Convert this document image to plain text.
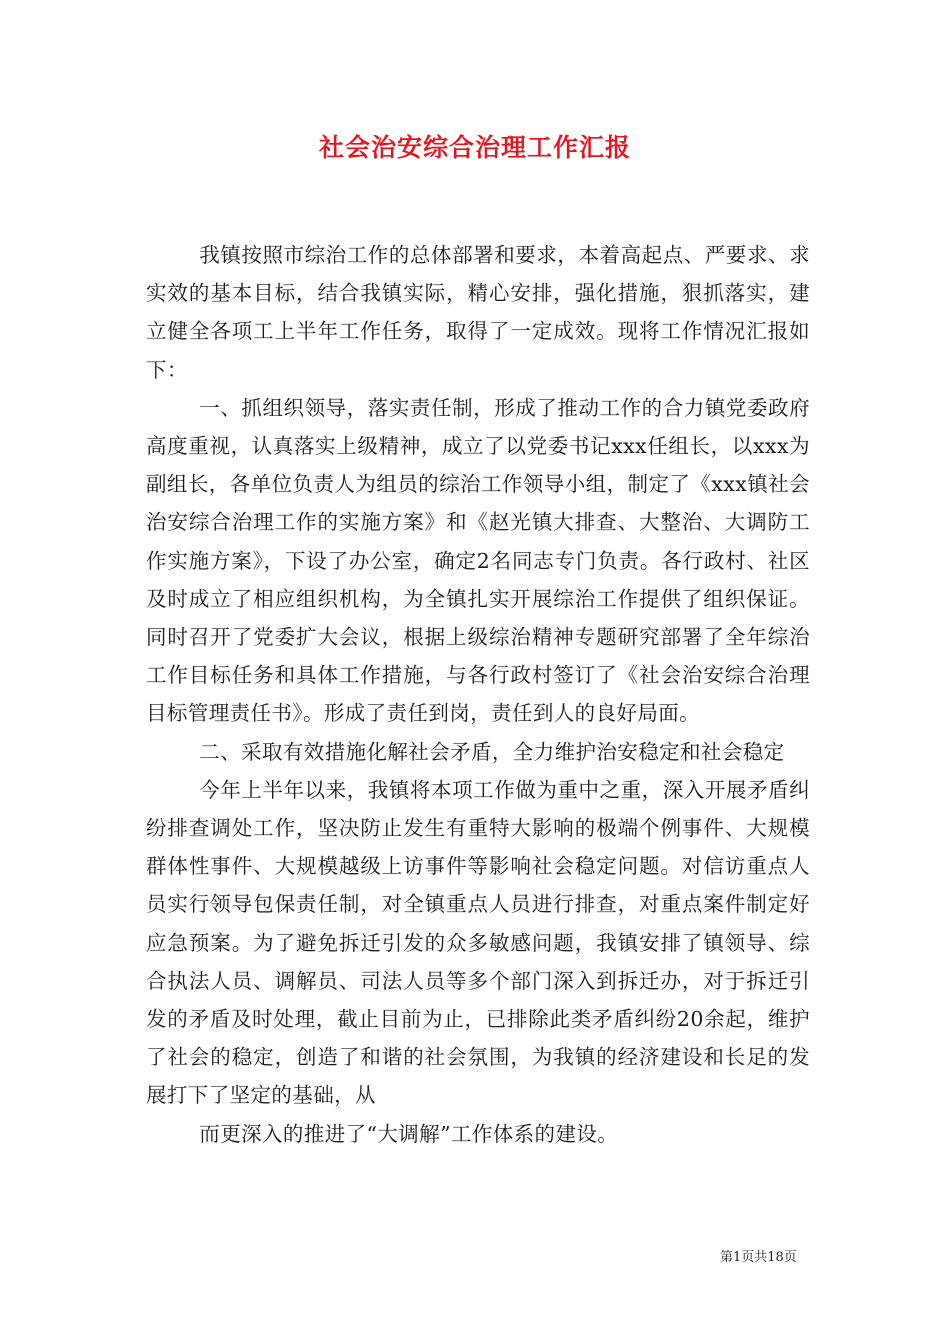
社会治安综合治理工作汇报

我镇按照市综治工作的总体部署和要求，本着高起点、严要求、求实效的基本目标，结合我镇实际，精心安排，强化措施，狠抓落实，建立健全各项工上半年工作任务，取得了一定成效。现将工作情况汇报如下：

一、抓组织领导，落实责任制，形成了推动工作的合力镇党委政府高度重视，认真落实上级精神，成立了以党委书记xxx任组长，以xxx为副组长，各单位负责人为组员的综治工作领导小组，制定了《xxx镇社会治安综合治理工作的实施方案》和《赵光镇大排查、大整治、大调防工作实施方案》，下设了办公室，确定2名同志专门负责。各行政村、社区及时成立了相应组织机构，为全镇扎实开展综治工作提供了组织保证。同时召开了党委扩大会议，根据上级综治精神专题研究部署了全年综治工作目标任务和具体工作措施，与各行政村签订了《社会治安综合治理目标管理责任书》。形成了责任到岗，责任到人的良好局面。

二、采取有效措施化解社会矛盾，全力维护治安稳定和社会稳定

今年上半年以来，我镇将本项工作做为重中之重，深入开展矛盾纠纷排查调处工作，坚决防止发生有重特大影响的极端个例事件、大规模群体性事件、大规模越级上访事件等影响社会稳定问题。对信访重点人员实行领导包保责任制，对全镇重点人员进行排查，对重点案件制定好应急预案。为了避免拆迁引发的众多敏感问题，我镇安排了镇领导、综合执法人员、调解员、司法人员等多个部门深入到拆迁办，对于拆迁引发的矛盾及时处理，截止目前为止，已排除此类矛盾纠纷20余起，维护了社会的稳定，创造了和谐的社会氛围，为我镇的经济建设和长足的发展打下了坚定的基础，从

而更深入的推进了“大调解”工作体系的建设。

第1页共18页
